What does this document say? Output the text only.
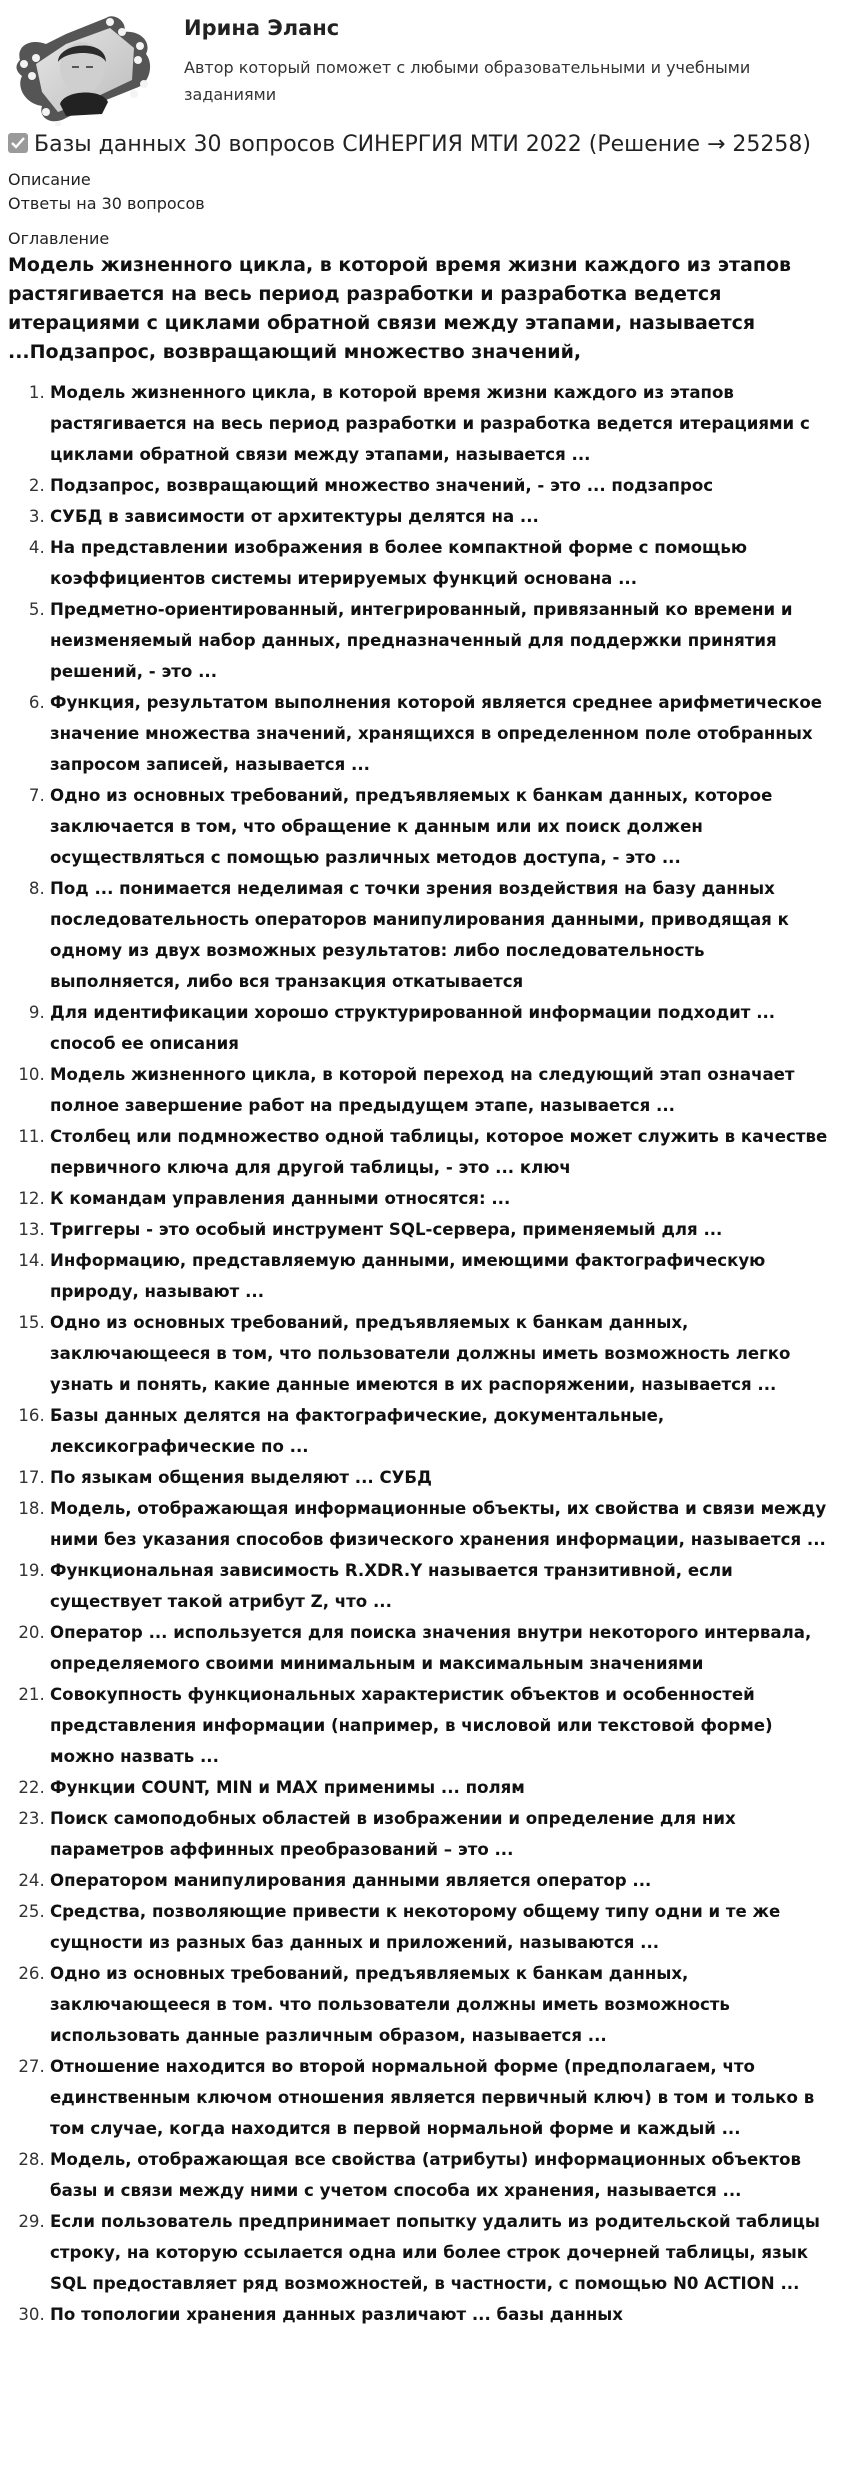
Ирина Эланс
Автор который поможет с любыми образовательными и учебными заданиями
Базы данных 30 вопросов СИНЕРГИЯ МТИ 2022 (Решение → 25258)
Описание
Ответы на 30 вопросов
Оглавление
Модель жизненного цикла, в которой время жизни каждого из этапов растягивается на весь период разработки и разработка ведется итерациями с циклами обратной связи между этапами, называется ...Подзапрос, возвращающий множество значений,
1. Модель жизненного цикла, в которой время жизни каждого из этапов растягивается на весь период разработки и разработка ведется итерациями с циклами обратной связи между этапами, называется ...
2. Подзапрос, возвращающий множество значений, - это ... подзапрос
3. СУБД в зависимости от архитектуры делятся на ...
4. На представлении изображения в более компактной форме с помощью коэффициентов системы итерируемых функций основана ...
5. Предметно-ориентированный, интегрированный, привязанный ко времени и неизменяемый набор данных, предназначенный для поддержки принятия решений, - это ...
6. Функция, результатом выполнения которой является среднее арифметическое значение множества значений, хранящихся в определенном поле отобранных запросом записей, называется ...
7. Одно из основных требований, предъявляемых к банкам данных, которое заключается в том, что обращение к данным или их поиск должен осуществляться с помощью различных методов доступа, - это ...
8. Под ... понимается неделимая с точки зрения воздействия на базу данных последовательность операторов манипулирования данными, приводящая к одному из двух возможных результатов: либо последовательность выполняется, либо вся транзакция откатывается
9. Для идентификации хорошо структурированной информации подходит ... способ ее описания
10. Модель жизненного цикла, в которой переход на следующий этап означает полное завершение работ на предыдущем этапе, называется ...
11. Столбец или подмножество одной таблицы, которое может служить в качестве первичного ключа для другой таблицы, - это ... ключ
12. К командам управления данными относятся: ...
13. Триггеры - это особый инструмент SQL-сервера, применяемый для ...
14. Информацию, представляемую данными, имеющими фактографическую природу, называют ...
15. Одно из основных требований, предъявляемых к банкам данных, заключающееся в том, что пользователи должны иметь возможность легко узнать и понять, какие данные имеются в их распоряжении, называется ...
16. Базы данных делятся на фактографические, документальные, лексикографические по ...
17. По языкам общения выделяют ... СУБД
18. Модель, отображающая информационные объекты, их свойства и связи между ними без указания способов физического хранения информации, называется ...
19. Функциональная зависимость R.XDR.Y называется транзитивной, если существует такой атрибут Z, что ...
20. Оператор ... используется для поиска значения внутри некоторого интервала, определяемого своими минимальным и максимальным значениями
21. Совокупность функциональных характеристик объектов и особенностей представления информации (например, в числовой или текстовой форме) можно назвать ...
22. Функции COUNT, MIN и MAX применимы ... полям
23. Поиск самоподобных областей в изображении и определение для них параметров аффинных преобразований – это ...
24. Оператором манипулирования данными является оператор ...
25. Средства, позволяющие привести к некоторому общему типу одни и те же сущности из разных баз данных и приложений, называются ...
26. Одно из основных требований, предъявляемых к банкам данных, заключающееся в том. что пользователи должны иметь возможность использовать данные различным образом, называется ...
27. Отношение находится во второй нормальной форме (предполагаем, что единственным ключом отношения является первичный ключ) в том и только в том случае, когда находится в первой нормальной форме и каждый ...
28. Модель, отображающая все свойства (атрибуты) информационных объектов базы и связи между ними с учетом способа их хранения, называется ...
29. Если пользователь предпринимает попытку удалить из родительской таблицы строку, на которую ссылается одна или более строк дочерней таблицы, язык SQL предоставляет ряд возможностей, в частности, с помощью N0 ACTION ...
30. По топологии хранения данных различают ... базы данных
